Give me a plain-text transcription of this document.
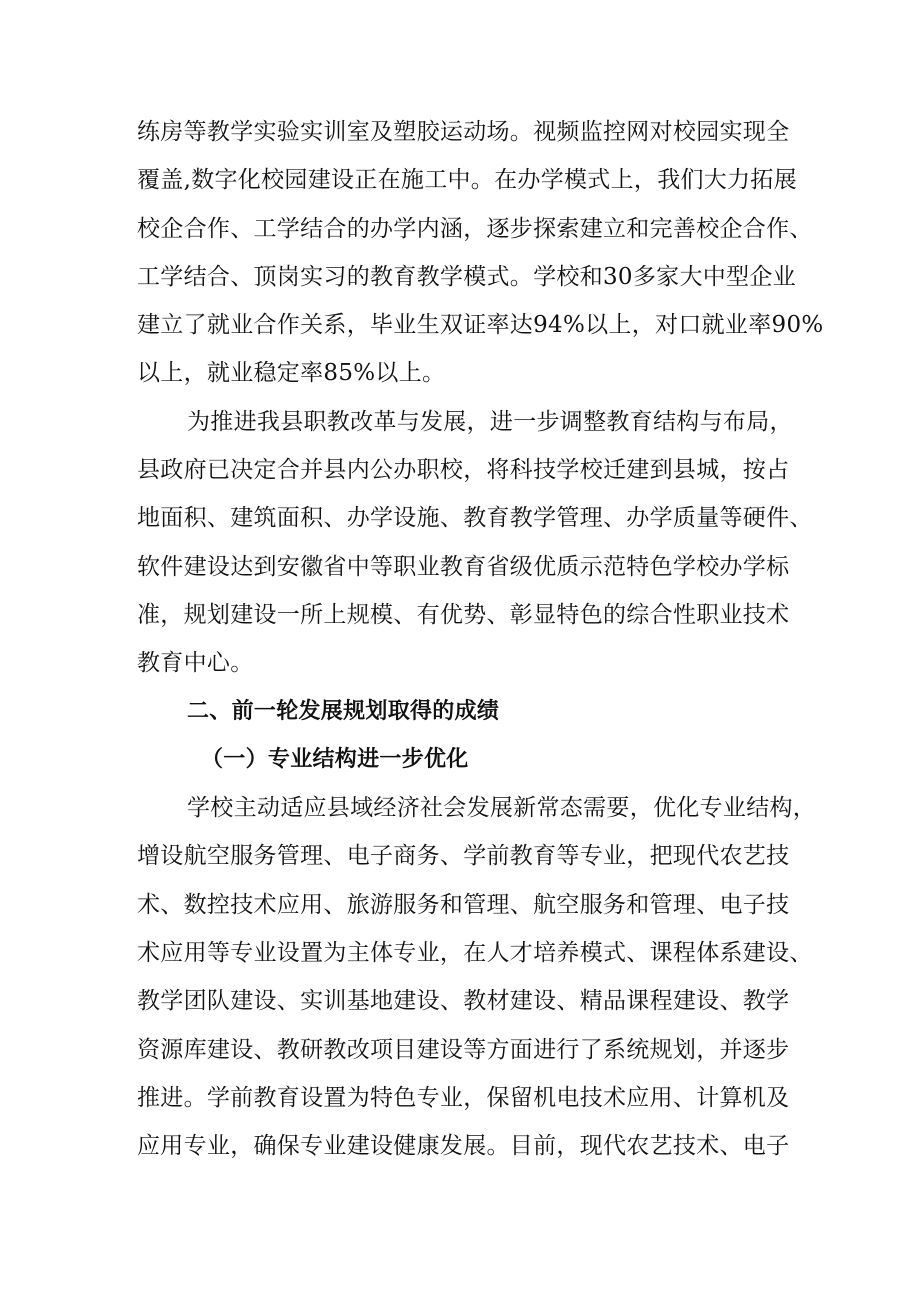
练房等教学实验实训室及塑胶运动场。视频监控网对校园实现全
覆盖,数字化校园建设正在施工中。在办学模式上，我们大力拓展
校企合作、工学结合的办学内涵，逐步探索建立和完善校企合作、
工学结合、顶岗实习的教育教学模式。学校和30多家大中型企业
建立了就业合作关系，毕业生双证率达94%以上，对口就业率90%
以上，就业稳定率85%以上。
为推进我县职教改革与发展，进一步调整教育结构与布局，
县政府已决定合并县内公办职校，将科技学校迁建到县城，按占
地面积、建筑面积、办学设施、教育教学管理、办学质量等硬件、
软件建设达到安徽省中等职业教育省级优质示范特色学校办学标
准，规划建设一所上规模、有优势、彰显特色的综合性职业技术
教育中心。
二、前一轮发展规划取得的成绩
（一）专业结构进一步优化
学校主动适应县域经济社会发展新常态需要，优化专业结构，
增设航空服务管理、电子商务、学前教育等专业，把现代农艺技
术、数控技术应用、旅游服务和管理、航空服务和管理、电子技
术应用等专业设置为主体专业，在人才培养模式、课程体系建设、
教学团队建设、实训基地建设、教材建设、精品课程建设、教学
资源库建设、教研教改项目建设等方面进行了系统规划，并逐步
推进。学前教育设置为特色专业，保留机电技术应用、计算机及
应用专业，确保专业建设健康发展。目前，现代农艺技术、电子
